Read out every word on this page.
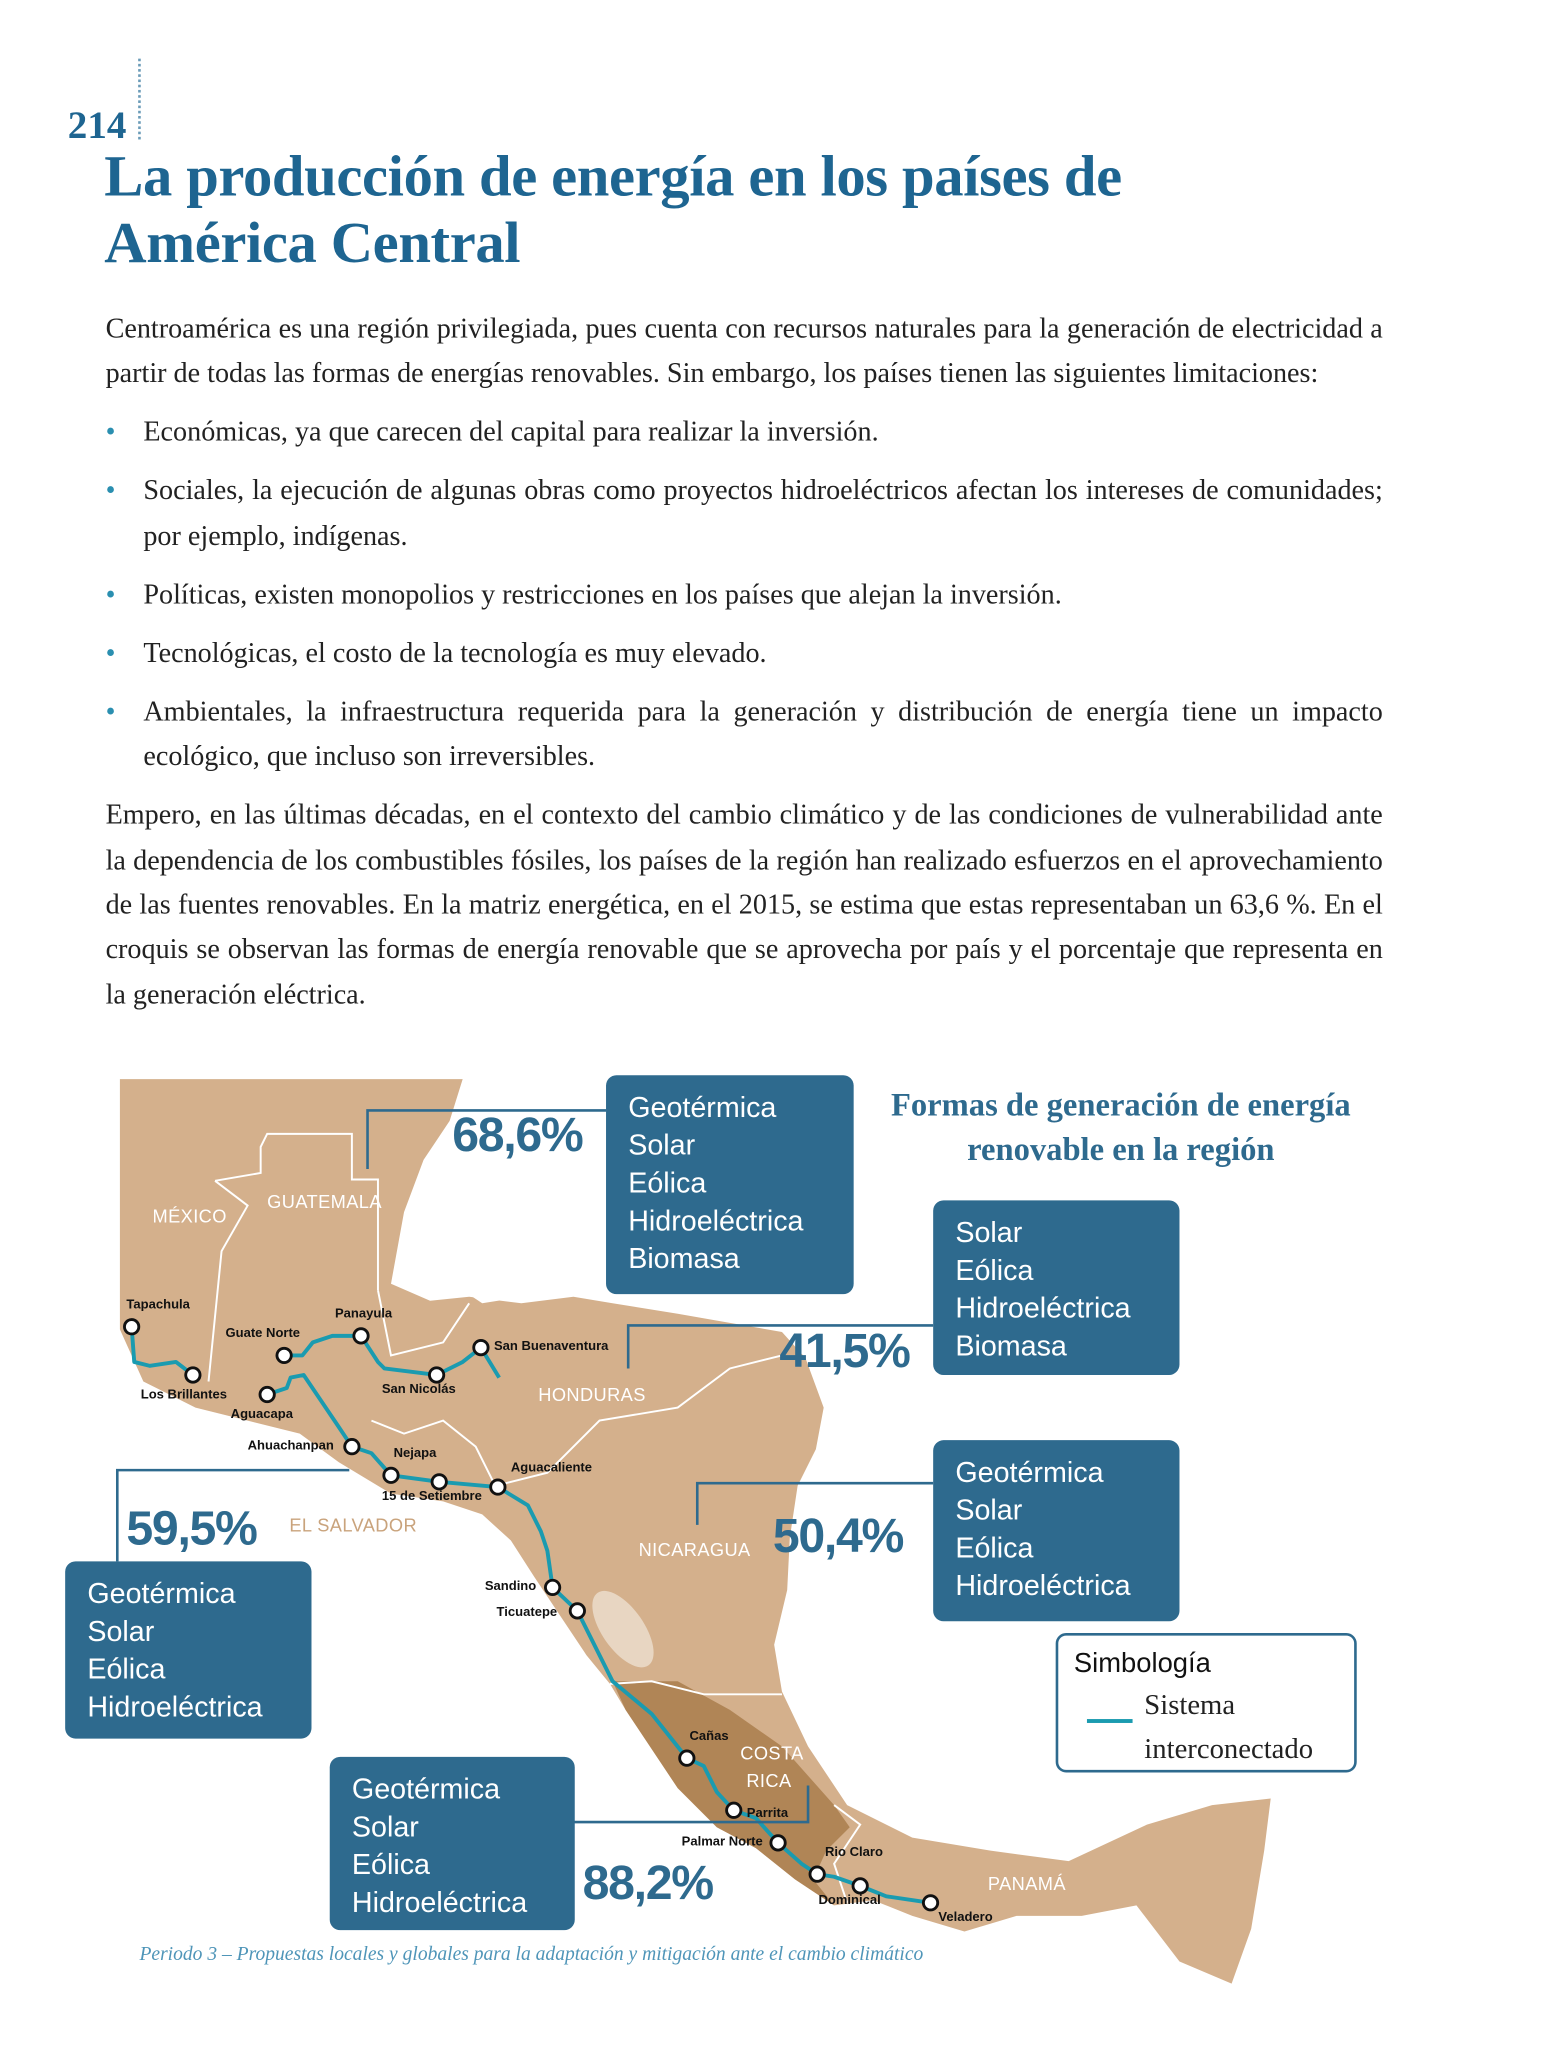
214
La producción de energía en los países de
América Central
Centroamérica es una región privilegiada, pues cuenta con recursos naturales para la generación de electricidad a partir de todas las formas de energías renovables. Sin embargo, los países tienen las siguientes limitaciones:
• Económicas, ya que carecen del capital para realizar la inversión.
• Sociales, la ejecución de algunas obras como proyectos hidroeléctricos afectan los intereses de comunidades; por ejemplo, indígenas.
• Políticas, existen monopolios y restricciones en los países que alejan la inversión.
• Tecnológicas, el costo de la tecnología es muy elevado.
• Ambientales, la infraestructura requerida para la generación y distribución de energía tiene un impacto ecológico, que incluso son irreversibles.
Empero, en las últimas décadas, en el contexto del cambio climático y de las condiciones de vulnerabilidad ante la dependencia de los combustibles fósiles, los países de la región han realizado esfuerzos en el aprovechamiento de las fuentes renovables. En la matriz energética, en el 2015, se estima que estas representaban un 63,6 %. En el croquis se observan las formas de energía renovable que se aprovecha por país y el porcentaje que representa en la generación eléctrica.
MÉXICO
GUATEMALA
BELICE
HONDURAS
EL SALVADOR
NICARAGUA
COSTA RICA
PANAMÁ
Tapachula
Los Brillantes
Guate Norte
Panayula
Aguacapa
San Nicolás
San Buenaventura
Ahuachanpan
Nejapa
15 de Setiembre
Aguacaliente
Sandino
Ticuatepe
Cañas
Parrita
Palmar Norte
Rio Claro
Dominical
Veladero
Geotérmica
Solar
Eólica
Hidroeléctrica
Biomasa
68,6%
Solar
Eólica
Hidroeléctrica
Biomasa
41,5%
Geotérmica
Solar
Eólica
Hidroeléctrica
50,4%
Geotérmica
Solar
Eólica
Hidroeléctrica
59,5%
Geotérmica
Solar
Eólica
Hidroeléctrica	88,2%
Formas de generación de energía
renovable en la región
Simbología
Sistema
interconectado
Periodo 3 – Propuestas locales y globales para la adaptación y mitigación ante el cambio climático
